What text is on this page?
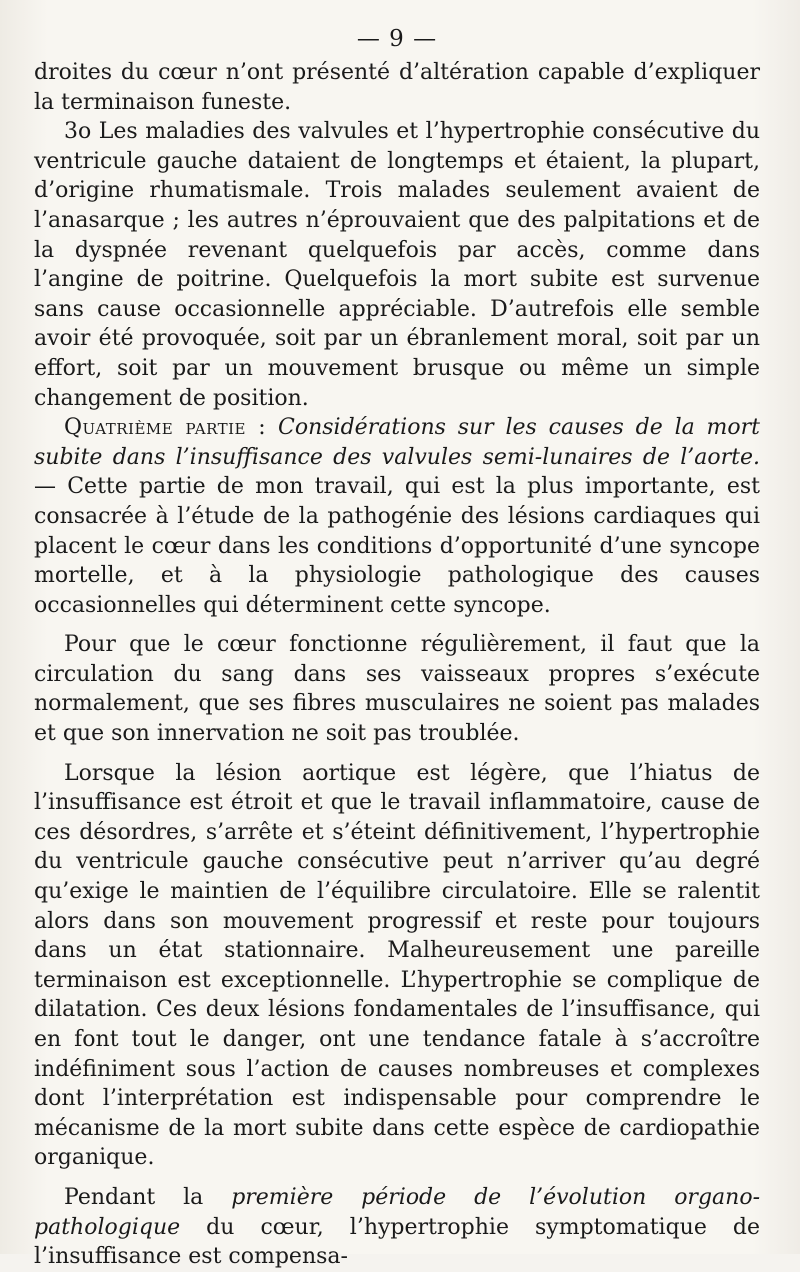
— 9 —

droites du cœur n’ont présenté d’altération capable d’expliquer la terminaison funeste.

3o Les maladies des valvules et l’hypertrophie consécutive du ventricule gauche dataient de longtemps et étaient, la plupart, d’origine rhumatismale. Trois malades seulement avaient de l’anasarque ; les autres n’éprouvaient que des palpitations et de la dyspnée revenant quelquefois par accès, comme dans l’angine de poitrine. Quelquefois la mort subite est survenue sans cause occasionnelle appréciable. D’autrefois elle semble avoir été provoquée, soit par un ébranlement moral, soit par un effort, soit par un mouvement brusque ou même un simple changement de position.

Quatrième partie : Considérations sur les causes de la mort subite dans l’insuffisance des valvules semi-lunaires de l’aorte. — Cette partie de mon travail, qui est la plus importante, est consacrée à l’étude de la pathogénie des lésions cardiaques qui placent le cœur dans les conditions d’opportunité d’une syncope mortelle, et à la physiologie pathologique des causes occasionnelles qui déterminent cette syncope.

Pour que le cœur fonctionne régulièrement, il faut que la circulation du sang dans ses vaisseaux propres s’exécute normalement, que ses fibres musculaires ne soient pas malades et que son innervation ne soit pas troublée.

Lorsque la lésion aortique est légère, que l’hiatus de l’insuffisance est étroit et que le travail inflammatoire, cause de ces désordres, s’arrête et s’éteint définitivement, l’hypertrophie du ventricule gauche consécutive peut n’arriver qu’au degré qu’exige le maintien de l’équilibre circulatoire. Elle se ralentit alors dans son mouvement progressif et reste pour toujours dans un état stationnaire. Malheureusement une pareille terminaison est exceptionnelle. L’hypertrophie se complique de dilatation. Ces deux lésions fondamentales de l’insuffisance, qui en font tout le danger, ont une tendance fatale à s’accroître indéfiniment sous l’action de causes nombreuses et complexes dont l’interprétation est indispensable pour comprendre le mécanisme de la mort subite dans cette espèce de cardiopathie organique.

Pendant la première période de l’évolution organo-pathologique du cœur, l’hypertrophie symptomatique de l’insuffisance est compensa-
